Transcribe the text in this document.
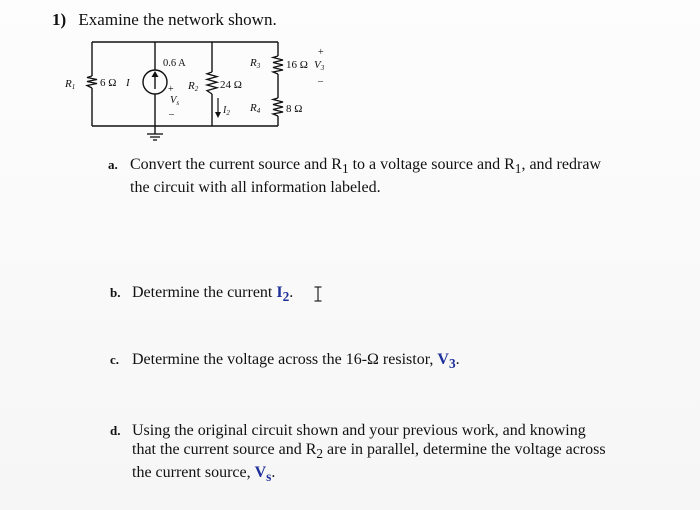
1) Examine the network shown.
R1 6 Ω I
0.6 A
+
Vs
–
R2 24 Ω
$I_2$
R3 16 Ω
+
V3
–
R4 8 Ω
a. Convert the current source and $R_1$ to a voltage source and $R_1$, and redraw
the circuit with all information labeled.
b. Determine the current $I_2$.
c. Determine the voltage across the 16-Ω resistor, $V_3$.
d. Using the original circuit shown and your previous work, and knowing
that the current source and $R_2$ are in parallel, determine the voltage across
the current source, $V_s$.
